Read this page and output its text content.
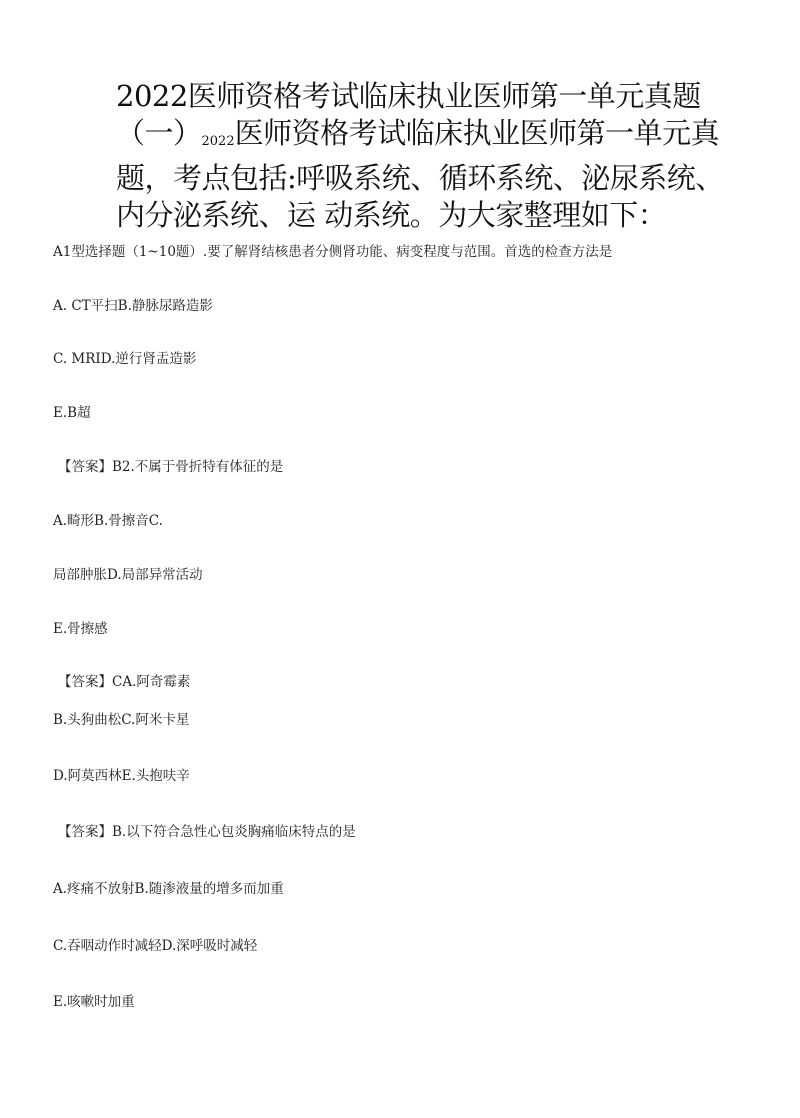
2022医师资格考试临床执业医师第一单元真题（一）2022医师资格考试临床执业医师第一单元真题，考点包括:呼吸系统、循环系统、泌尿系统、内分泌系统、运 动系统。为大家整理如下：
A1型选择题（1~10题）.要了解肾结核患者分侧肾功能、病变程度与范围。首选的检查方法是
A. CT平扫B.静脉尿路造影
C. MRID.逆行肾盂造影
E.B超
【答案】B2.不属于骨折特有体征的是
A.畸形B.骨擦音C.
局部肿胀D.局部异常活动
E.骨擦感
【答案】CA.阿奇霉素
B.头狗曲松C.阿米卡星
D.阿莫西林E.头抱呋辛
【答案】B.以下符合急性心包炎胸痛临床特点的是
A.疼痛不放射B.随渗液量的增多而加重
C.吞咽动作时减轻D.深呼吸时减轻
E.咳嗽时加重
